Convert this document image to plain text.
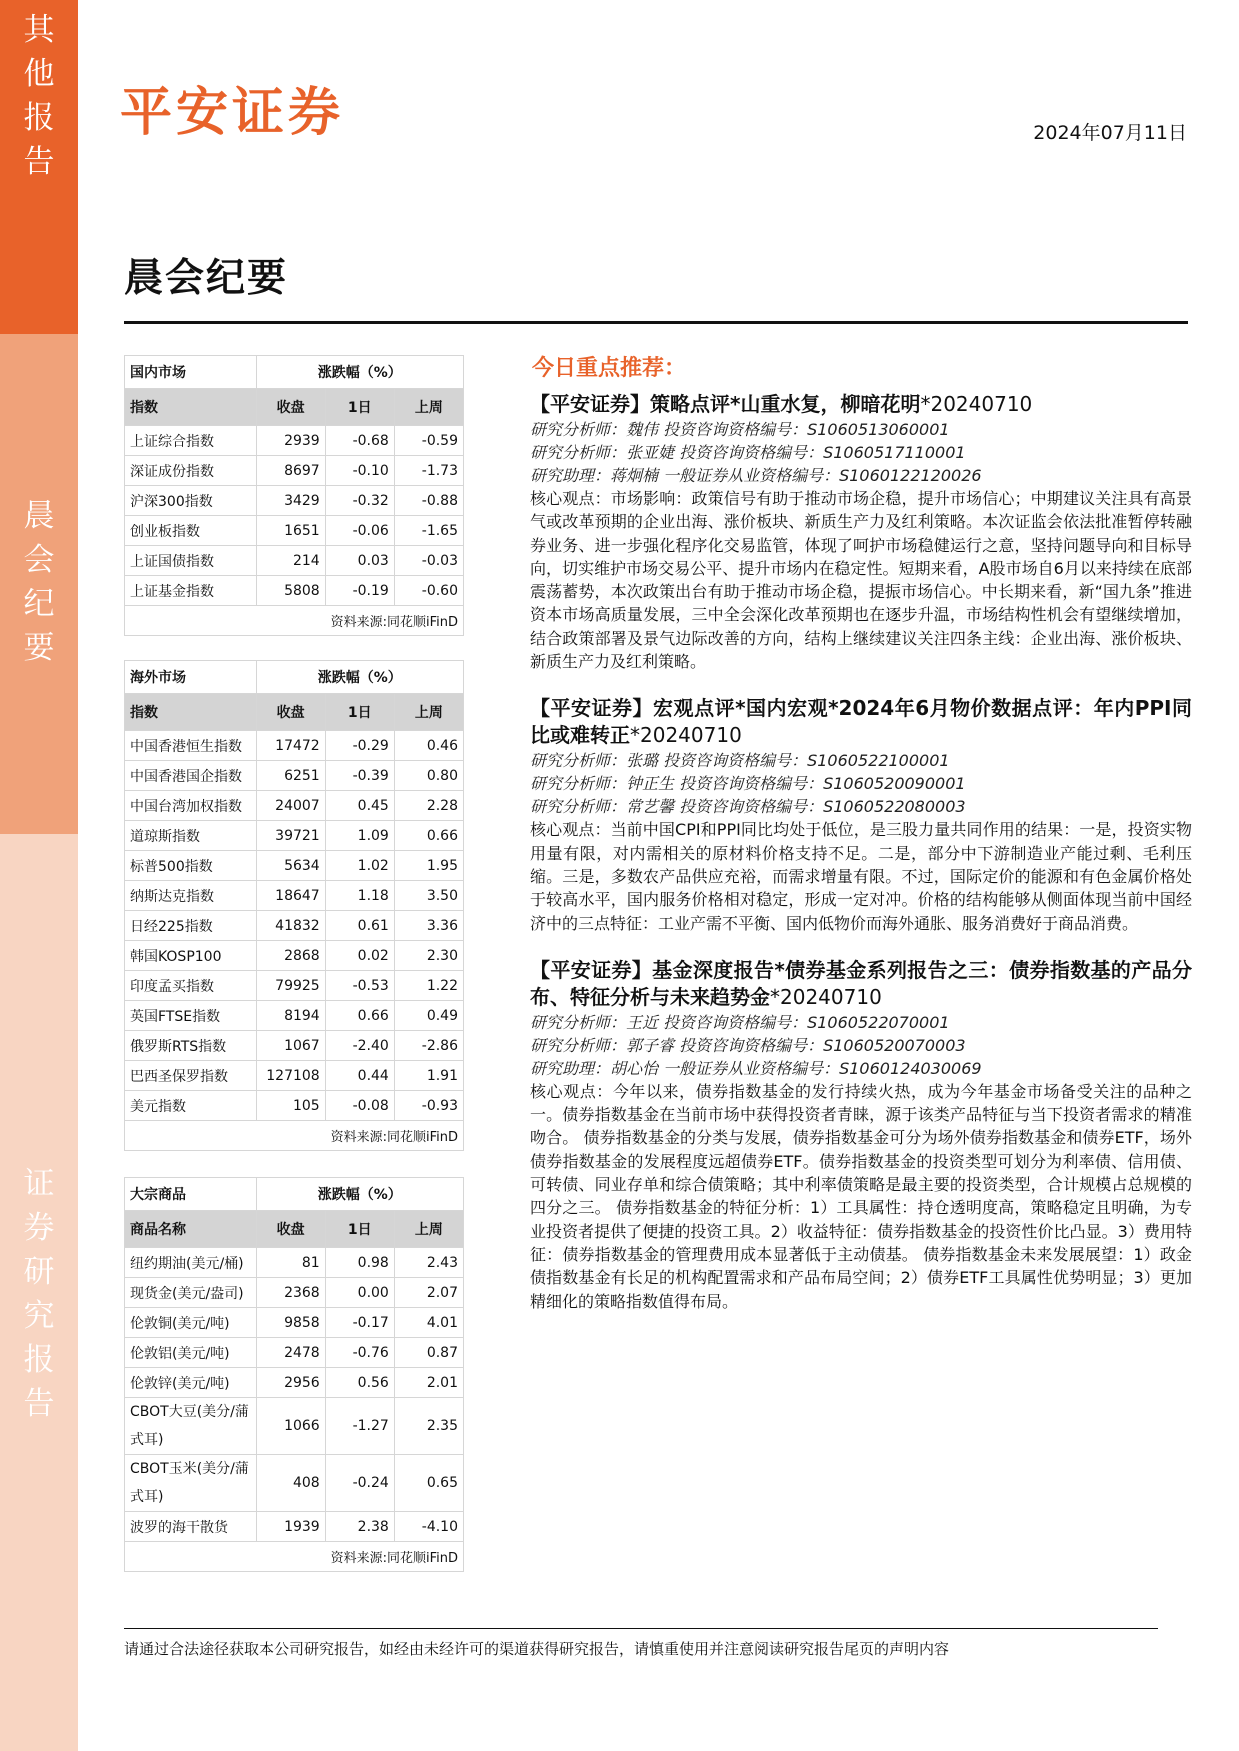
其他报告
晨会纪要
证券研究报告
平安证券	2024年07月11日
晨会纪要
国内市场	涨跌幅（%）		
指数	收盘	1日	上周
上证综合指数	2939	-0.68	-0.59
深证成份指数	8697	-0.10	-1.73
沪深300指数	3429	-0.32	-0.88
创业板指数	1651	-0.06	-1.65
上证国债指数	214	0.03	-0.03
上证基金指数	5808	-0.19	-0.60
资料来源:同花顺iFinD			
海外市场	涨跌幅（%）		
指数	收盘	1日	上周
中国香港恒生指数	17472	-0.29	0.46
中国香港国企指数	6251	-0.39	0.80
中国台湾加权指数	24007	0.45	2.28
道琼斯指数	39721	1.09	0.66
标普500指数	5634	1.02	1.95
纳斯达克指数	18647	1.18	3.50
日经225指数	41832	0.61	3.36
韩国KOSP100	2868	0.02	2.30
印度孟买指数	79925	-0.53	1.22
英国FTSE指数	8194	0.66	0.49
俄罗斯RTS指数	1067	-2.40	-2.86
巴西圣保罗指数	127108	0.44	1.91
美元指数	105	-0.08	-0.93
资料来源:同花顺iFinD			
大宗商品	涨跌幅（%）		
商品名称	收盘	1日	上周
纽约期油(美元/桶)	81	0.98	2.43
现货金(美元/盎司)	2368	0.00	2.07
伦敦铜(美元/吨)	9858	-0.17	4.01
伦敦铝(美元/吨)	2478	-0.76	0.87
伦敦锌(美元/吨)	2956	0.56	2.01
CBOT大豆(美分/蒲式耳)	1066	-1.27	2.35
CBOT玉米(美分/蒲式耳)	408	-0.24	0.65
波罗的海干散货	1939	2.38	-4.10
资料来源:同花顺iFinD			
今日重点推荐：
【平安证券】策略点评*山重水复，柳暗花明*20240710
研究分析师：魏伟 投资咨询资格编号：S1060513060001
研究分析师：张亚婕 投资咨询资格编号：S1060517110001
研究助理：蒋炯楠 一般证券从业资格编号：S1060122120026
核心观点：市场影响：政策信号有助于推动市场企稳，提升市场信心；中期建议关注具有高景气或改革预期的企业出海、涨价板块、新质生产力及红利策略。本次证监会依法批准暂停转融券业务、进一步强化程序化交易监管，体现了呵护市场稳健运行之意，坚持问题导向和目标导向，切实维护市场交易公平、提升市场内在稳定性。短期来看，A股市场自6月以来持续在底部震荡蓄势，本次政策出台有助于推动市场企稳，提振市场信心。中长期来看，新“国九条”推进资本市场高质量发展，三中全会深化改革预期也在逐步升温，市场结构性机会有望继续增加，结合政策部署及景气边际改善的方向，结构上继续建议关注四条主线：企业出海、涨价板块、新质生产力及红利策略。
【平安证券】宏观点评*国内宏观*2024年6月物价数据点评：年内PPI同比或难转正*20240710
研究分析师：张璐 投资咨询资格编号：S1060522100001
研究分析师：钟正生 投资咨询资格编号：S1060520090001
研究分析师：常艺馨 投资咨询资格编号：S1060522080003
核心观点：当前中国CPI和PPI同比均处于低位，是三股力量共同作用的结果：一是，投资实物用量有限，对内需相关的原材料价格支持不足。二是，部分中下游制造业产能过剩、毛利压缩。三是，多数农产品供应充裕，而需求增量有限。不过，国际定价的能源和有色金属价格处于较高水平，国内服务价格相对稳定，形成一定对冲。价格的结构能够从侧面体现当前中国经济中的三点特征：工业产需不平衡、国内低物价而海外通胀、服务消费好于商品消费。
【平安证券】基金深度报告*债券基金系列报告之三：债券指数基的产品分布、特征分析与未来趋势金*20240710
研究分析师：王近 投资咨询资格编号：S1060522070001
研究分析师：郭子睿 投资咨询资格编号：S1060520070003
研究助理：胡心怡 一般证券从业资格编号：S1060124030069
核心观点：今年以来，债券指数基金的发行持续火热，成为今年基金市场备受关注的品种之一。债券指数基金在当前市场中获得投资者青睐，源于该类产品特征与当下投资者需求的精准吻合。 债券指数基金的分类与发展，债券指数基金可分为场外债券指数基金和债券ETF，场外债券指数基金的发展程度远超债券ETF。债券指数基金的投资类型可划分为利率债、信用债、可转债、同业存单和综合债策略；其中利率债策略是最主要的投资类型，合计规模占总规模的四分之三。 债券指数基金的特征分析：1）工具属性：持仓透明度高，策略稳定且明确，为专业投资者提供了便捷的投资工具。2）收益特征：债券指数基金的投资性价比凸显。3）费用特征：债券指数基金的管理费用成本显著低于主动债基。 债券指数基金未来发展展望：1）政金债指数基金有长足的机构配置需求和产品布局空间；2）债券ETF工具属性优势明显；3）更加精细化的策略指数值得布局。
请通过合法途径获取本公司研究报告，如经由未经许可的渠道获得研究报告，请慎重使用并注意阅读研究报告尾页的声明内容
